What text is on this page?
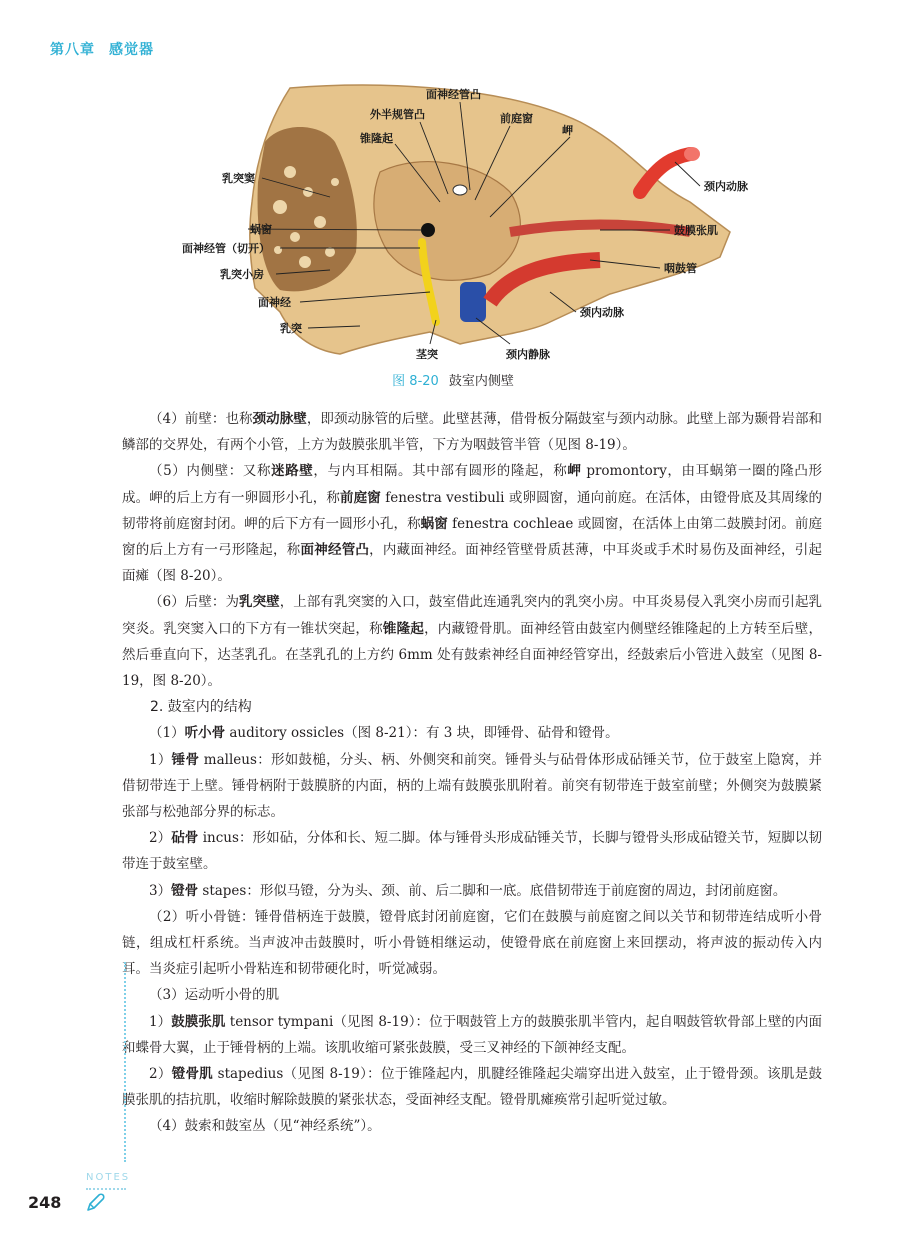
第八章 感觉器
面神经管凸
外半规管凸	前庭窗
岬
锥隆起
乳突窦
颈内动脉
蜗窗	鼓膜张肌
面神经管（切开）
咽鼓管
乳突小房
面神经
颈内动脉
乳突
茎突	颈内静脉
图 8-20 鼓室内侧壁

（4）前壁：也称颈动脉壁，即颈动脉管的后壁。此壁甚薄，借骨板分隔鼓室与颈内动脉。此壁上部为颞骨岩部和鳞部的交界处，有两个小管，上方为鼓膜张肌半管，下方为咽鼓管半管（见图 8-19）。

（5）内侧壁：又称迷路壁，与内耳相隔。其中部有圆形的隆起，称岬 promontory，由耳蜗第一圈的隆凸形成。岬的后上方有一卵圆形小孔，称前庭窗 fenestra vestibuli 或卵圆窗，通向前庭。在活体，由镫骨底及其周缘的韧带将前庭窗封闭。岬的后下方有一圆形小孔，称蜗窗 fenestra cochleae 或圆窗，在活体上由第二鼓膜封闭。前庭窗的后上方有一弓形隆起，称面神经管凸，内藏面神经。面神经管壁骨质甚薄，中耳炎或手术时易伤及面神经，引起面瘫（图 8-20）。

（6）后壁：为乳突壁，上部有乳突窦的入口，鼓室借此连通乳突内的乳突小房。中耳炎易侵入乳突小房而引起乳突炎。乳突窦入口的下方有一锥状突起，称锥隆起，内藏镫骨肌。面神经管由鼓室内侧壁经锥隆起的上方转至后壁，然后垂直向下，达茎乳孔。在茎乳孔的上方约 6mm 处有鼓索神经自面神经管穿出，经鼓索后小管进入鼓室（见图 8-19，图 8-20）。

2. 鼓室内的结构

（1）听小骨 auditory ossicles（图 8-21）：有 3 块，即锤骨、砧骨和镫骨。

1）锤骨 malleus：形如鼓槌，分头、柄、外侧突和前突。锤骨头与砧骨体形成砧锤关节，位于鼓室上隐窝，并借韧带连于上壁。锤骨柄附于鼓膜脐的内面，柄的上端有鼓膜张肌附着。前突有韧带连于鼓室前壁；外侧突为鼓膜紧张部与松弛部分界的标志。

2）砧骨 incus：形如砧，分体和长、短二脚。体与锤骨头形成砧锤关节，长脚与镫骨头形成砧镫关节，短脚以韧带连于鼓室壁。

3）镫骨 stapes：形似马镫，分为头、颈、前、后二脚和一底。底借韧带连于前庭窗的周边，封闭前庭窗。

（2）听小骨链：锤骨借柄连于鼓膜，镫骨底封闭前庭窗，它们在鼓膜与前庭窗之间以关节和韧带连结成听小骨链，组成杠杆系统。当声波冲击鼓膜时，听小骨链相继运动，使镫骨底在前庭窗上来回摆动，将声波的振动传入内耳。当炎症引起听小骨粘连和韧带硬化时，听觉减弱。

（3）运动听小骨的肌

1）鼓膜张肌 tensor tympani（见图 8-19）：位于咽鼓管上方的鼓膜张肌半管内，起自咽鼓管软骨部上壁的内面和蝶骨大翼，止于锤骨柄的上端。该肌收缩可紧张鼓膜，受三叉神经的下颌神经支配。

2）镫骨肌 stapedius（见图 8-19）：位于锥隆起内，肌腱经锥隆起尖端穿出进入鼓室，止于镫骨颈。该肌是鼓膜张肌的拮抗肌，收缩时解除鼓膜的紧张状态，受面神经支配。镫骨肌瘫痪常引起听觉过敏。

（4）鼓索和鼓室丛（见“神经系统”）。

NOTES
248
